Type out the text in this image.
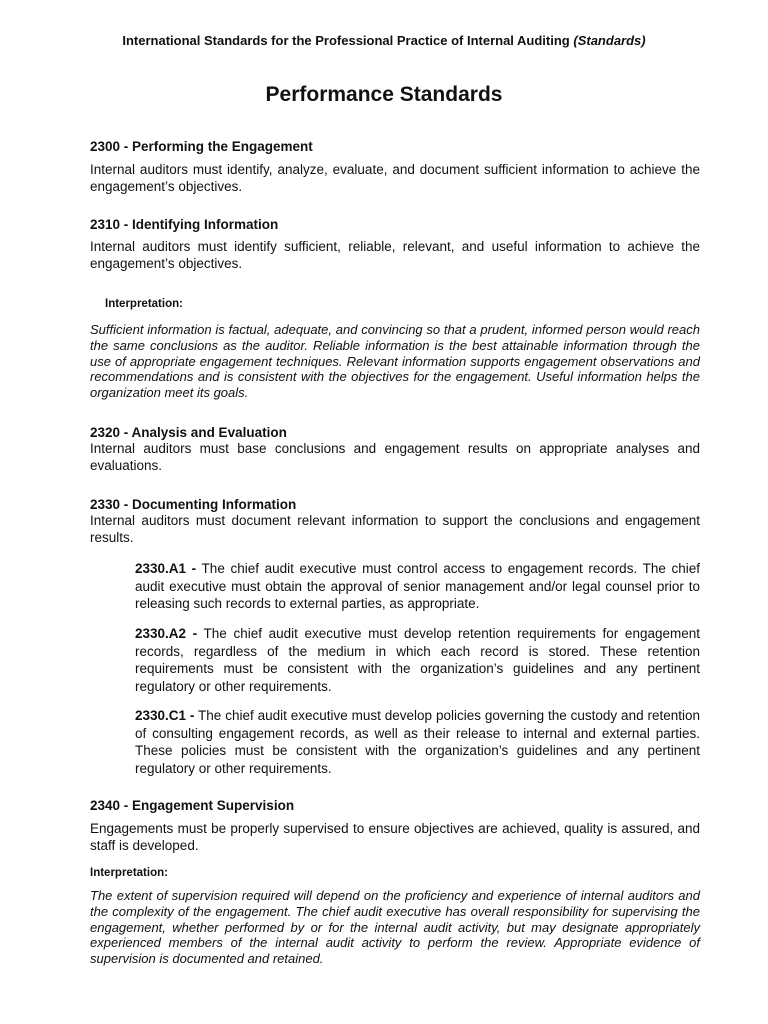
International Standards for the Professional Practice of Internal Auditing (Standards)
Performance Standards

2300 - Performing the Engagement

Internal auditors must identify, analyze, evaluate, and document sufficient information to achieve the engagement’s objectives.

2310 - Identifying Information

Internal auditors must identify sufficient, reliable, relevant, and useful information to achieve the engagement’s objectives.

Interpretation:

Sufficient information is factual, adequate, and convincing so that a prudent, informed person would reach the same conclusions as the auditor. Reliable information is the best attainable information through the use of appropriate engagement techniques. Relevant information supports engagement observations and recommendations and is consistent with the objectives for the engagement. Useful information helps the organization meet its goals.

2320 - Analysis and Evaluation

Internal auditors must base conclusions and engagement results on appropriate analyses and evaluations.

2330 - Documenting Information

Internal auditors must document relevant information to support the conclusions and engagement results.

2330.A1 - The chief audit executive must control access to engagement records. The chief audit executive must obtain the approval of senior management and/or legal counsel prior to releasing such records to external parties, as appropriate.

2330.A2 - The chief audit executive must develop retention requirements for engagement records, regardless of the medium in which each record is stored. These retention requirements must be consistent with the organization’s guidelines and any pertinent regulatory or other requirements.

2330.C1 - The chief audit executive must develop policies governing the custody and retention of consulting engagement records, as well as their release to internal and external parties. These policies must be consistent with the organization’s guidelines and any pertinent regulatory or other requirements.

2340 - Engagement Supervision

Engagements must be properly supervised to ensure objectives are achieved, quality is assured, and staff is developed.

Interpretation:

The extent of supervision required will depend on the proficiency and experience of internal auditors and the complexity of the engagement. The chief audit executive has overall responsibility for supervising the engagement, whether performed by or for the internal audit activity, but may designate appropriately experienced members of the internal audit activity to perform the review. Appropriate evidence of supervision is documented and retained.
